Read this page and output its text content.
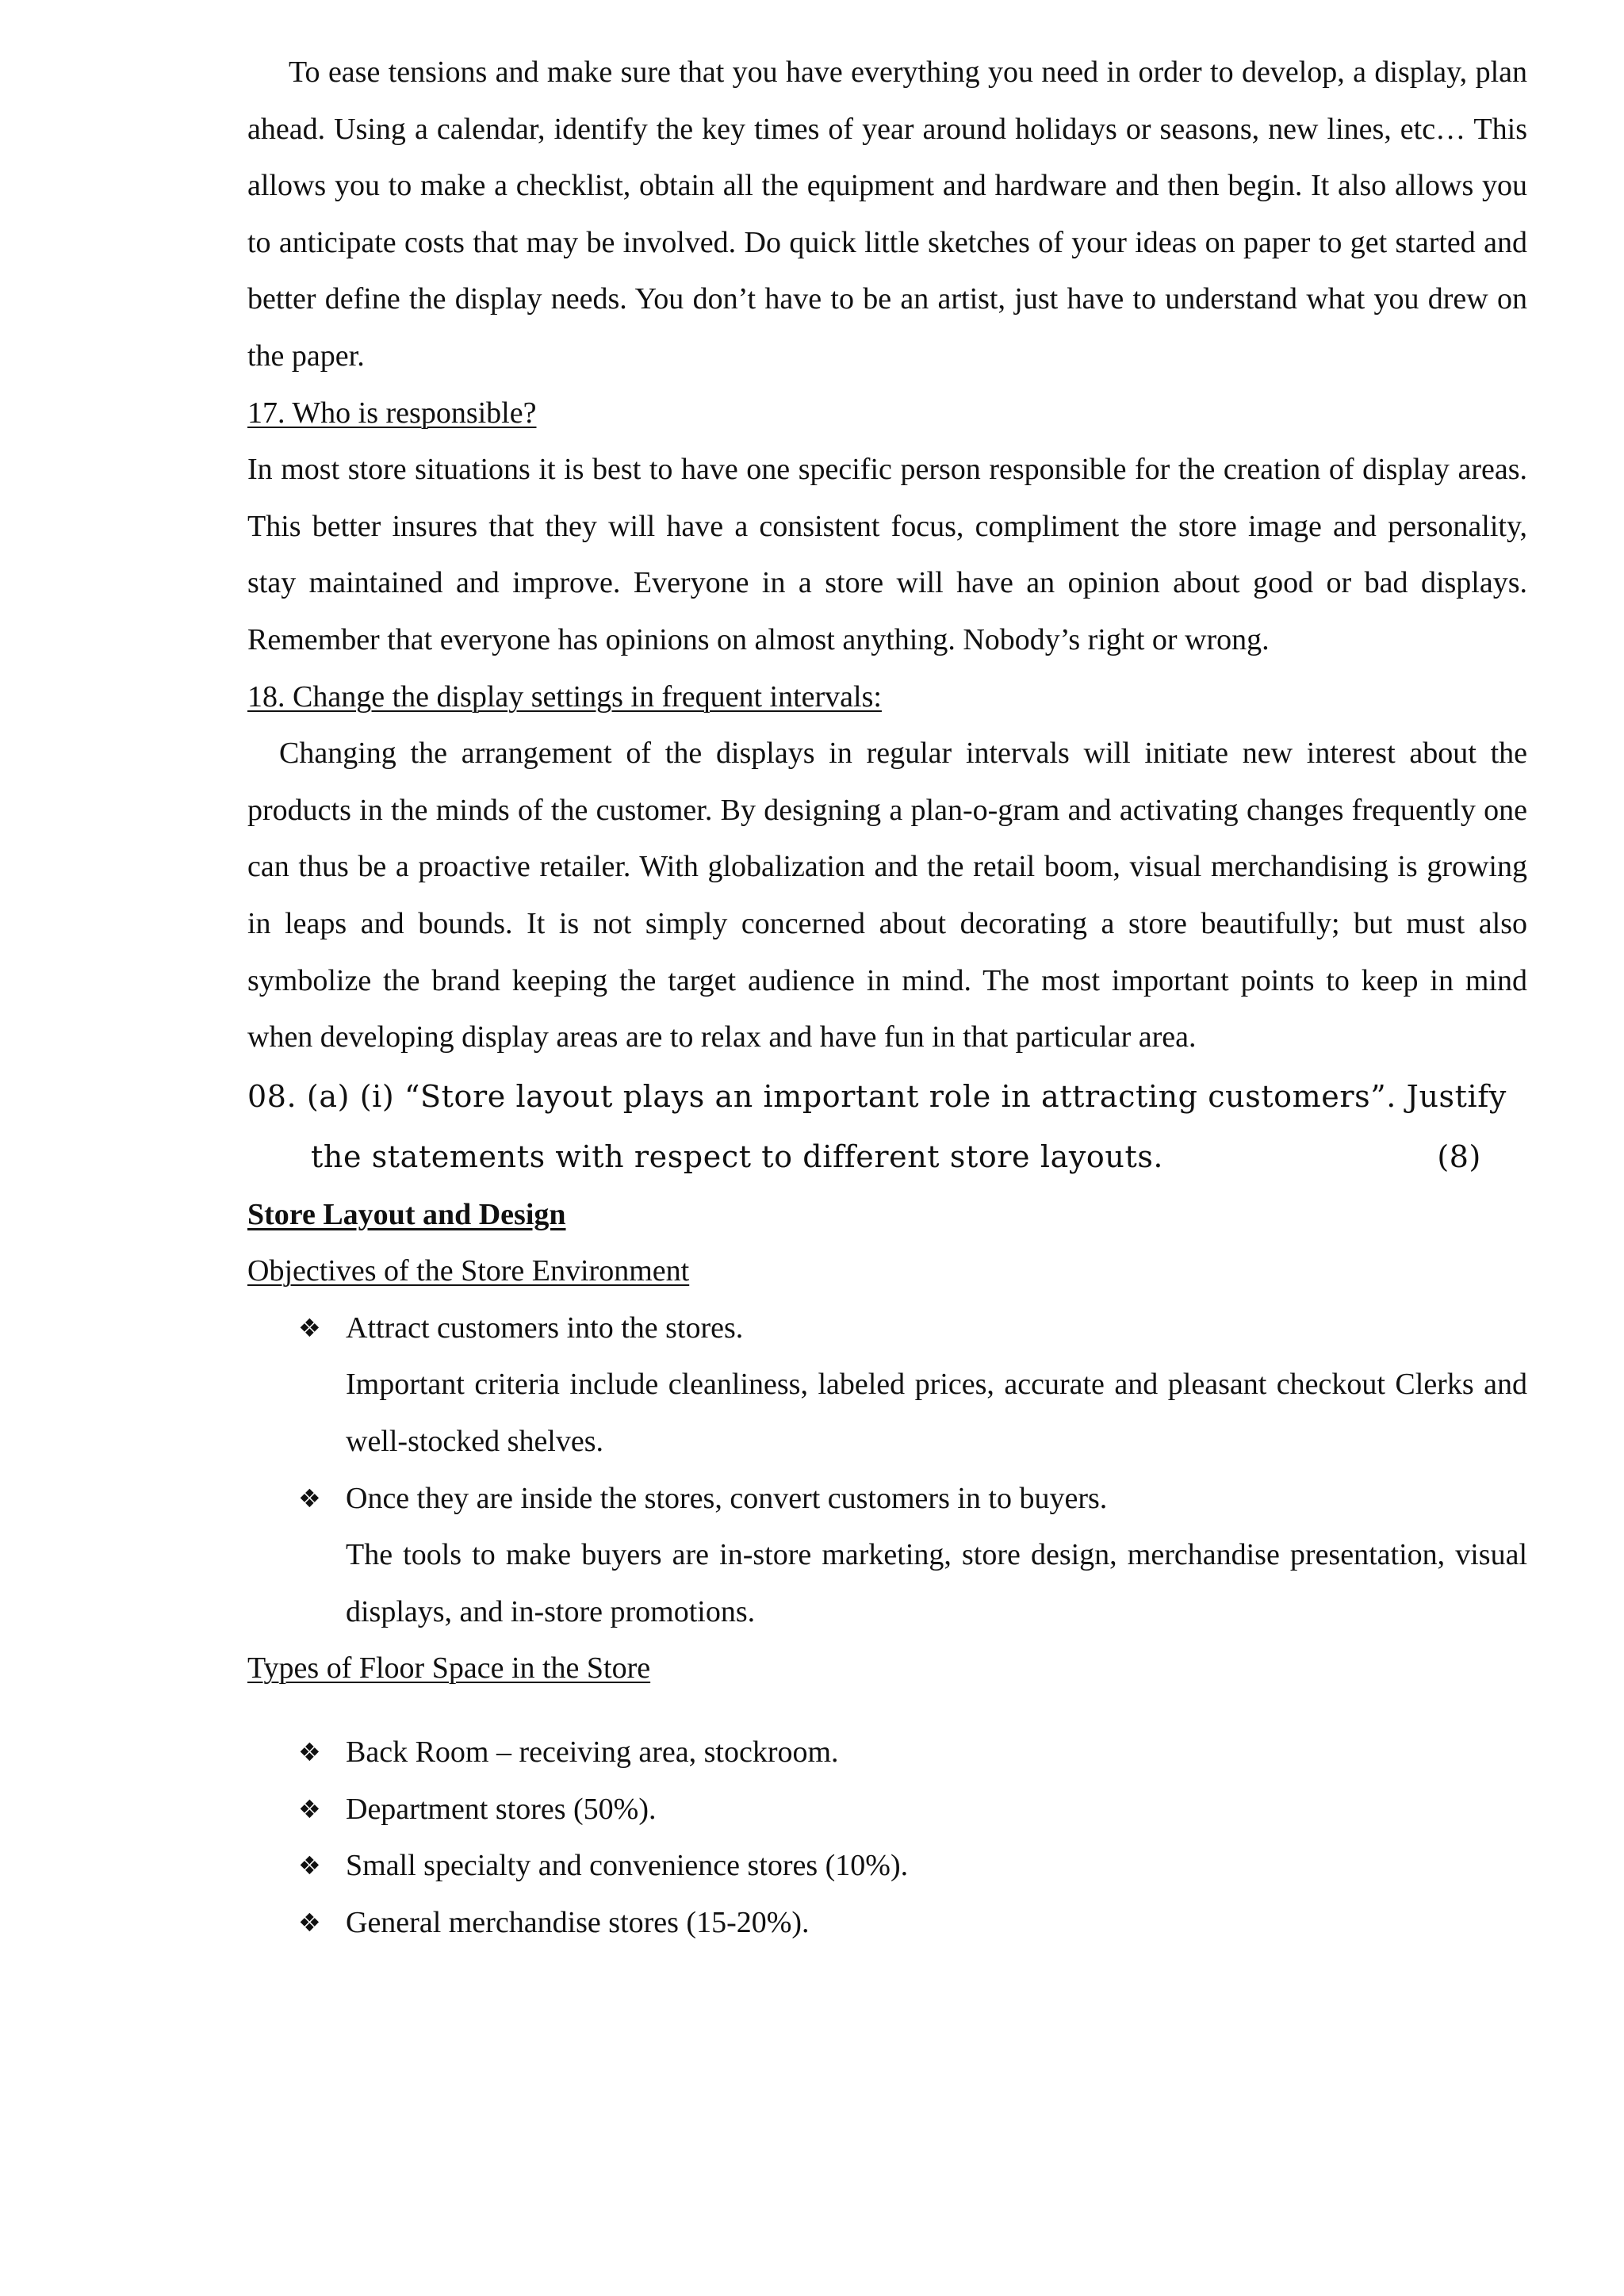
To ease tensions and make sure that you have everything you need in order to develop, a display, plan ahead. Using a calendar, identify the key times of year around holidays or seasons, new lines, etc… This allows you to make a checklist, obtain all the equipment and hardware and then begin. It also allows you to anticipate costs that may be involved. Do quick little sketches of your ideas on paper to get started and better define the display needs. You don’t have to be an artist, just have to understand what you drew on the paper.

17. Who is responsible?

In most store situations it is best to have one specific person responsible for the creation of display areas. This better insures that they will have a consistent focus, compliment the store image and personality, stay maintained and improve. Everyone in a store will have an opinion about good or bad displays. Remember that everyone has opinions on almost anything. Nobody’s right or wrong.

18. Change the display settings in frequent intervals:

Changing the arrangement of the displays in regular intervals will initiate new interest about the products in the minds of the customer. By designing a plan-o-gram and activating changes frequently one can thus be a proactive retailer. With globalization and the retail boom, visual merchandising is growing in leaps and bounds. It is not simply concerned about decorating a store beautifully; but must also symbolize the brand keeping the target audience in mind. The most important points to keep in mind when developing display areas are to relax and have fun in that particular area.

08. (a) (i) “Store layout plays an important role in attracting customers”. Justify
the statements with respect to different store layouts.	(8)

Store Layout and Design

Objectives of the Store Environment

❖ Attract customers into the stores.

Important criteria include cleanliness, labeled prices, accurate and pleasant checkout Clerks and well-stocked shelves.

❖ Once they are inside the stores, convert customers in to buyers.

The tools to make buyers are in-store marketing, store design, merchandise presentation, visual displays, and in-store promotions.

Types of Floor Space in the Store

❖ Back Room – receiving area, stockroom.

❖ Department stores (50%).

❖ Small specialty and convenience stores (10%).

❖ General merchandise stores (15-20%).
